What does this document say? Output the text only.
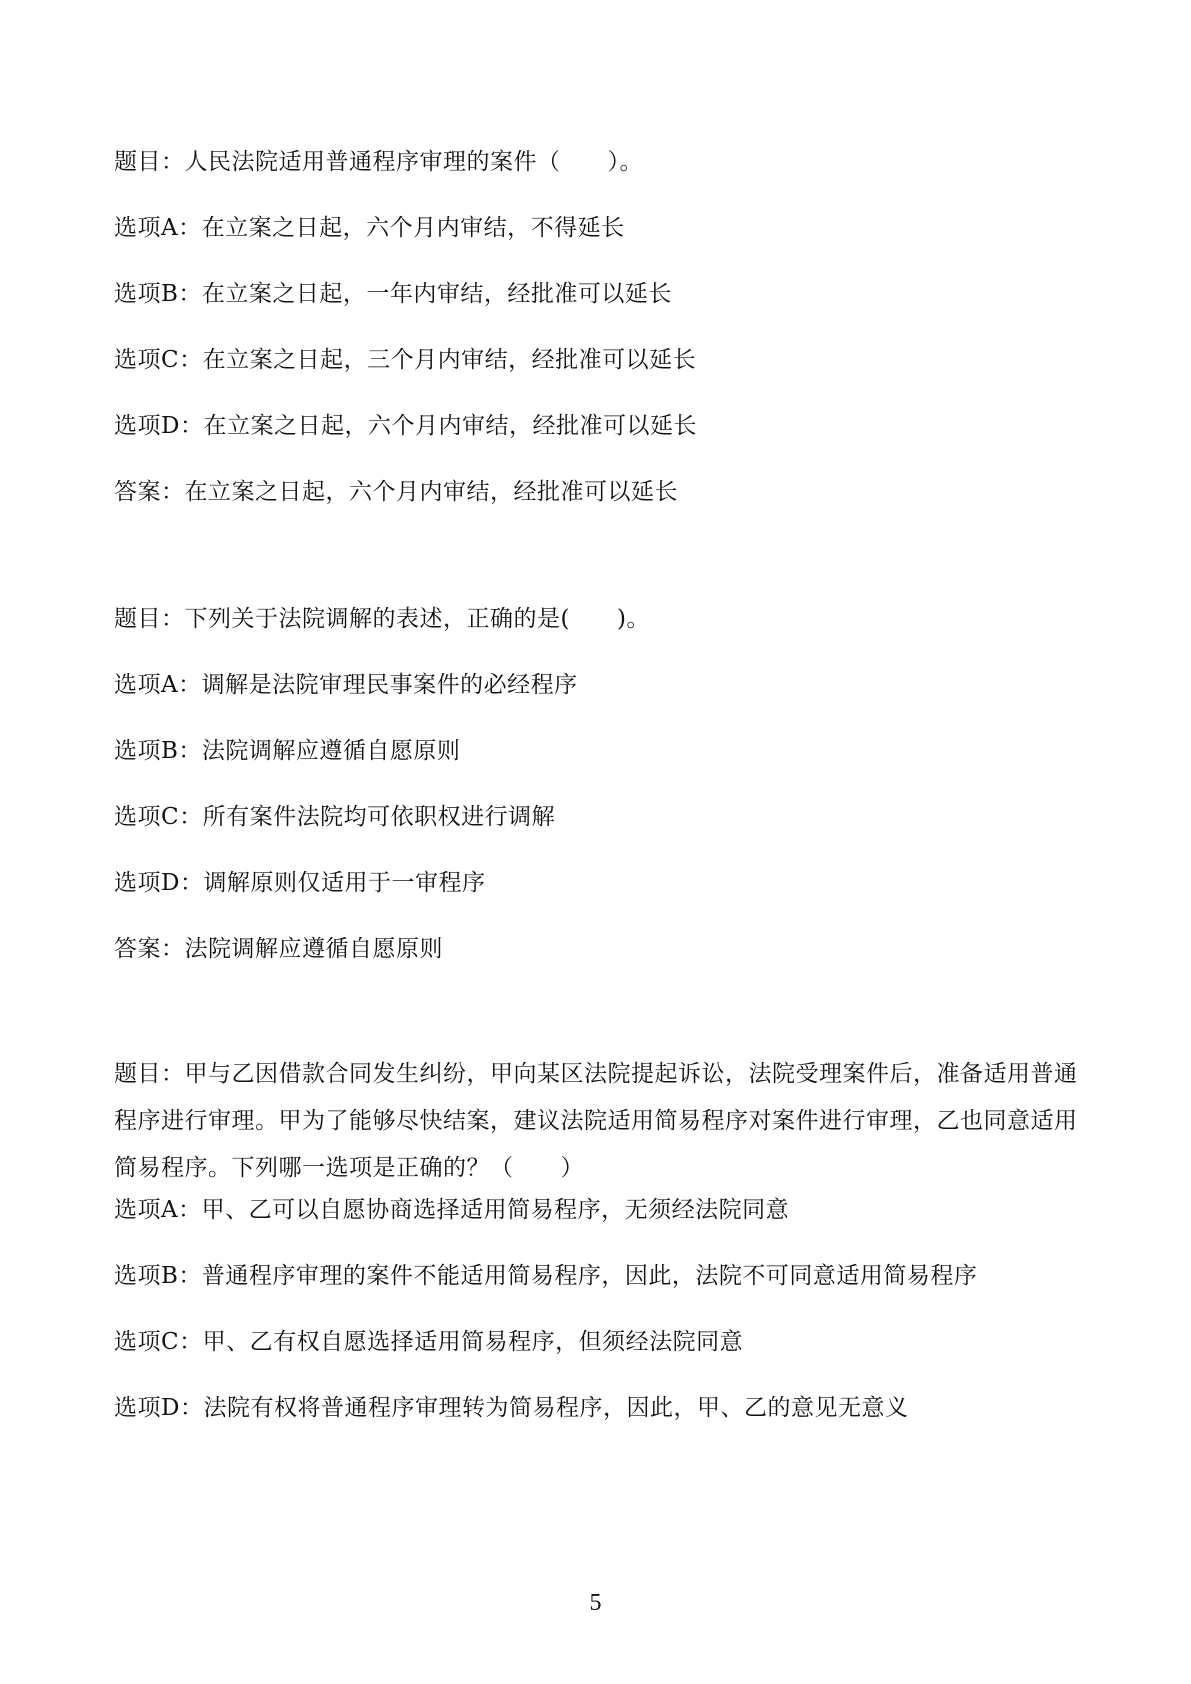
题目：人民法院适用普通程序审理的案件（　　）。
选项A：在立案之日起，六个月内审结，不得延长
选项B：在立案之日起，一年内审结，经批准可以延长
选项C：在立案之日起，三个月内审结，经批准可以延长
选项D：在立案之日起，六个月内审结，经批准可以延长
答案：在立案之日起，六个月内审结，经批准可以延长
题目：下列关于法院调解的表述，正确的是(　　)。
选项A：调解是法院审理民事案件的必经程序
选项B：法院调解应遵循自愿原则
选项C：所有案件法院均可依职权进行调解
选项D：调解原则仅适用于一审程序
答案：法院调解应遵循自愿原则
题目：甲与乙因借款合同发生纠纷，甲向某区法院提起诉讼，法院受理案件后，准备适用普通程序进行审理。甲为了能够尽快结案，建议法院适用简易程序对案件进行审理，乙也同意适用简易程序。下列哪一选项是正确的？（　　）
选项A：甲、乙可以自愿协商选择适用简易程序，无须经法院同意
选项B：普通程序审理的案件不能适用简易程序，因此，法院不可同意适用简易程序
选项C：甲、乙有权自愿选择适用简易程序，但须经法院同意
选项D：法院有权将普通程序审理转为简易程序，因此，甲、乙的意见无意义
5
